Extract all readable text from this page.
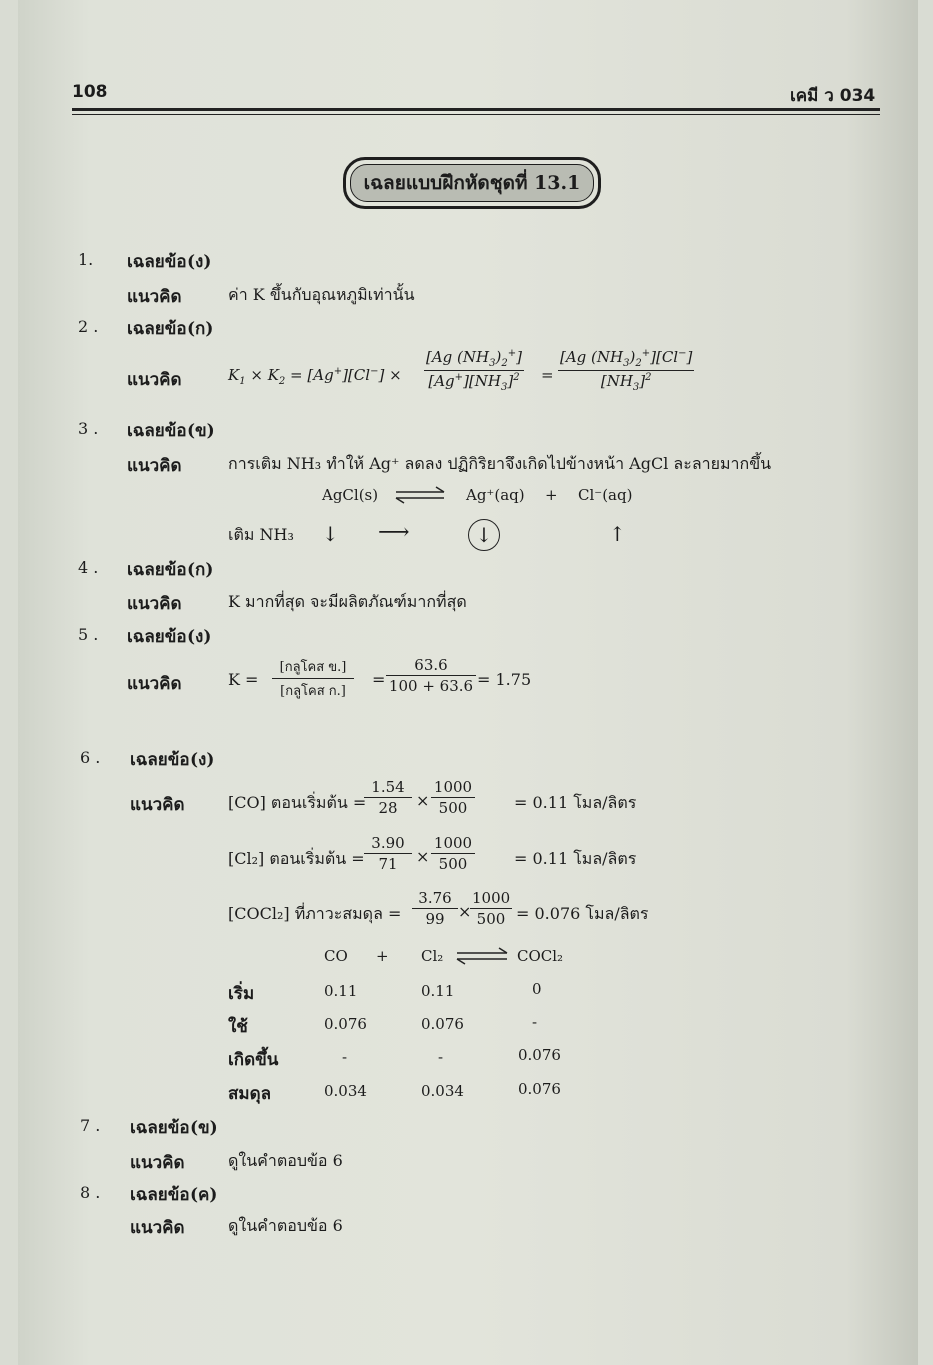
108	เคมี ว 034
เฉลยแบบฝึกหัดชุดที่ 13.1
1. เฉลยข้อ (ง)
แนวคิด	ค่า K ขึ้นกับอุณหภูมิเท่านั้น
2 . เฉลยข้อ (ก)
แนวคิด	$K_1 \times K_2 = [Ag^+][Cl^-]$ ×
[Ag $(NH_3)_2^+$]
$[Ag^+][NH_3]^2$ =
[Ag $(NH_3)_2^+][Cl^-]$
$[NH_3]^2$
3 . เฉลยข้อ (ข)
แนวคิด	การเติม NH₃ ทำให้ Ag⁺ ลดลง ปฏิกิริยาจึงเกิดไปข้างหน้า AgCl ละลายมากขึ้น
AgCl(s) ⇌ Ag⁺(aq) + Cl⁻(aq)
เติม NH₃ ↓ ⟶	↓	↑
4 . เฉลยข้อ (ก)
แนวคิด	K มากที่สุด จะมีผลิตภัณฑ์มากที่สุด
5 . เฉลยข้อ (ง)
แนวคิด	K =
[กลูโคส ข.]
[กลูโคส ก.]
=
63.6
100 + 63.6 = 1.75
6 . เฉลยข้อ (ง)
แนวคิด	[CO] ตอนเริ่มต้น =
1.54
28	×
1000
500	= 0.11 โมล/ลิตร
[Cl₂] ตอนเริ่มต้น =
3.90
71	×
1000
500	= 0.11 โมล/ลิตร
[COCl₂] ที่ภาวะสมดุล =
3.76
99 ×
1000
500 = 0.076 โมล/ลิตร
CO + Cl₂	COCl₂
เริ่ม	0.11	0.11	0
ใช้	0.076	0.076	-
เกิดขึ้น	-	-	0.076
สมดุล	0.034	0.034	0.076
7 . เฉลยข้อ (ข)
แนวคิด	ดูในคำตอบข้อ 6
8 . เฉลยข้อ (ค)
แนวคิด	ดูในคำตอบข้อ 6
